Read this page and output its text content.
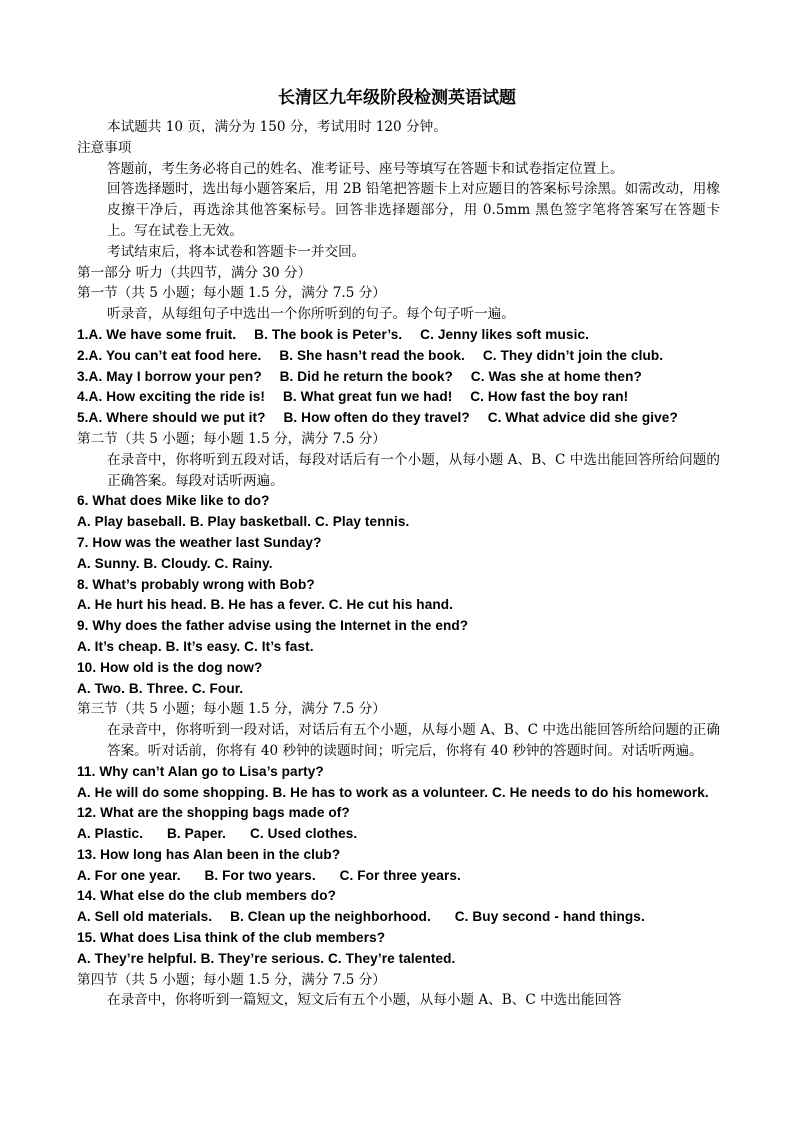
长清区九年级阶段检测英语试题

本试题共 10 页，满分为 150 分，考试用时 120 分钟。

注意事项

答题前，考生务必将自己的姓名、准考证号、座号等填写在答题卡和试卷指定位置上。

回答选择题时，选出每小题答案后，用 2B 铅笔把答题卡上对应题目的答案标号涂黑。如需改动，用橡皮擦干净后，再选涂其他答案标号。回答非选择题部分，用 0.5mm 黑色签字笔将答案写在答题卡上。写在试卷上无效。

考试结束后，将本试卷和答题卡一并交回。

第一部分 听力（共四节，满分 30 分）

第一节（共 5 小题；每小题 1.5 分，满分 7.5 分）

听录音，从每组句子中选出一个你所听到的句子。每个句子听一遍。

1.A. We have some fruit. B. The book is Peter’s. C. Jenny likes soft music.

2.A. You can’t eat food here. B. She hasn’t read the book. C. They didn’t join the club.

3.A. May I borrow your pen? B. Did he return the book? C. Was she at home then?

4.A. How exciting the ride is! B. What great fun we had! C. How fast the boy ran!

5.A. Where should we put it? B. How often do they travel? C. What advice did she give?

第二节（共 5 小题；每小题 1.5 分，满分 7.5 分）

在录音中，你将听到五段对话，每段对话后有一个小题，从每小题 A、B、C 中选出能回答所给问题的正确答案。每段对话听两遍。

6. What does Mike like to do?

A. Play baseball. B. Play basketball. C. Play tennis.

7. How was the weather last Sunday?

A. Sunny. B. Cloudy. C. Rainy.

8. What’s probably wrong with Bob?

A. He hurt his head. B. He has a fever. C. He cut his hand.

9. Why does the father advise using the Internet in the end?

A. It’s cheap. B. It’s easy. C. It’s fast.

10. How old is the dog now?

A. Two. B. Three. C. Four.

第三节（共 5 小题；每小题 1.5 分，满分 7.5 分）

在录音中，你将听到一段对话，对话后有五个小题，从每小题 A、B、C 中选出能回答所给问题的正确答案。听对话前，你将有 40 秒钟的读题时间；听完后，你将有 40 秒钟的答题时间。对话听两遍。

11. Why can’t Alan go to Lisa’s party?

A. He will do some shopping. B. He has to work as a volunteer. C. He needs to do his homework.

12. What are the shopping bags made of?

A. Plastic. B. Paper. C. Used clothes.

13. How long has Alan been in the club?

A. For one year. B. For two years. C. For three years.

14. What else do the club members do?

A. Sell old materials. B. Clean up the neighborhood. C. Buy second - hand things.

15. What does Lisa think of the club members?

A. They’re helpful. B. They’re serious. C. They’re talented.

第四节（共 5 小题；每小题 1.5 分，满分 7.5 分）

在录音中，你将听到一篇短文，短文后有五个小题，从每小题 A、B、C 中选出能回答
